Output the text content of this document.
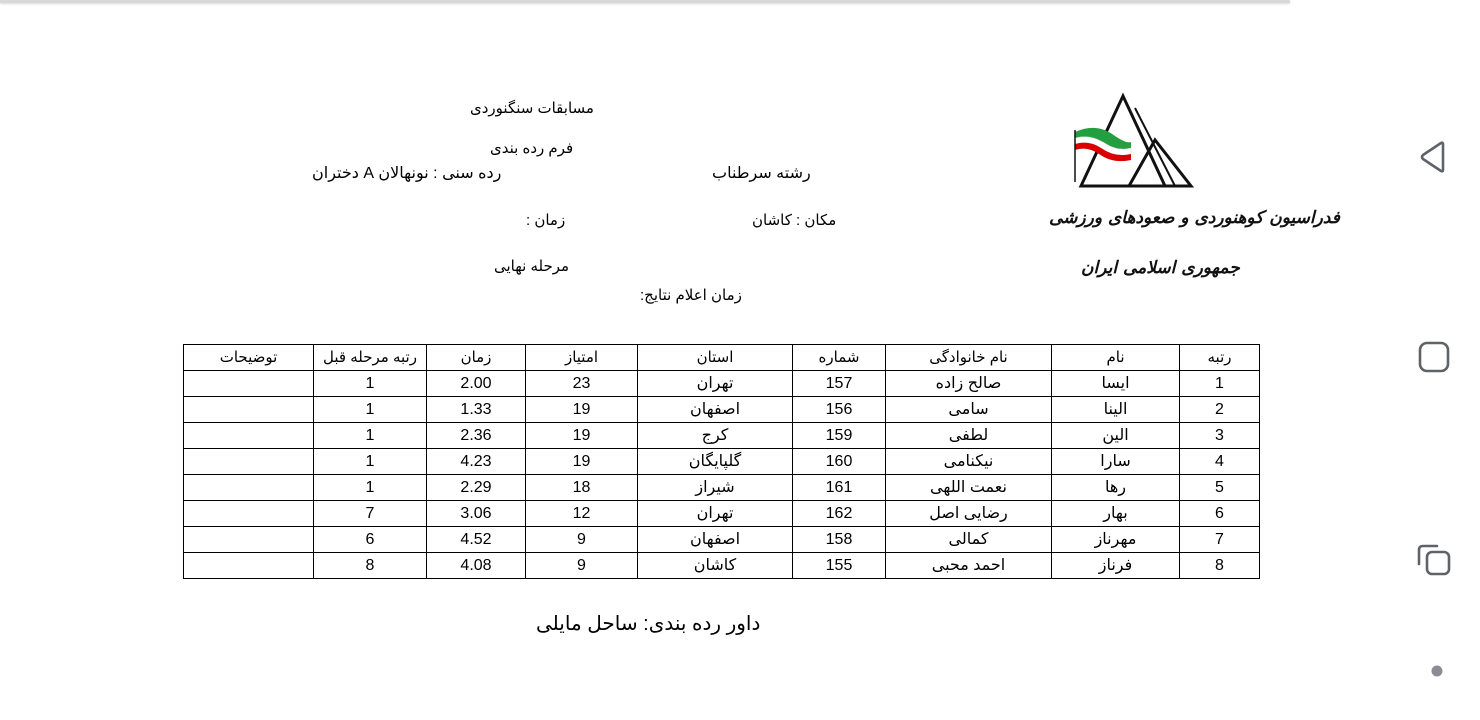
فدراسیون کوهنوردی و صعودهای ورزشی
جمهوری اسلامی ایران
مسابقات سنگنوردی
فرم رده بندی
رشته سرطناب
رده سنی : نونهالان A دختران
مکان : کاشان
زمان :
مرحله نهایی
زمان اعلام نتایج:
رتبه	نام	نام خانوادگی	شماره	استان	امتیاز	زمان	رتبه مرحله قبل	توضیحات
1	ایسا	صالح زاده	157	تهران	23	2.00	1	
2	الینا	سامی	156	اصفهان	19	1.33	1	
3	الین	لطفی	159	کرج	19	2.36	1	
4	سارا	نیکنامی	160	گلپایگان	19	4.23	1	
5	رها	نعمت اللهی	161	شیراز	18	2.29	1	
6	بهار	رضایی اصل	162	تهران	12	3.06	7	
7	مهرناز	کمالی	158	اصفهان	9	4.52	6	
8	فرناز	احمد محبی	155	کاشان	9	4.08	8	
داور رده بندی: ساحل مایلی
